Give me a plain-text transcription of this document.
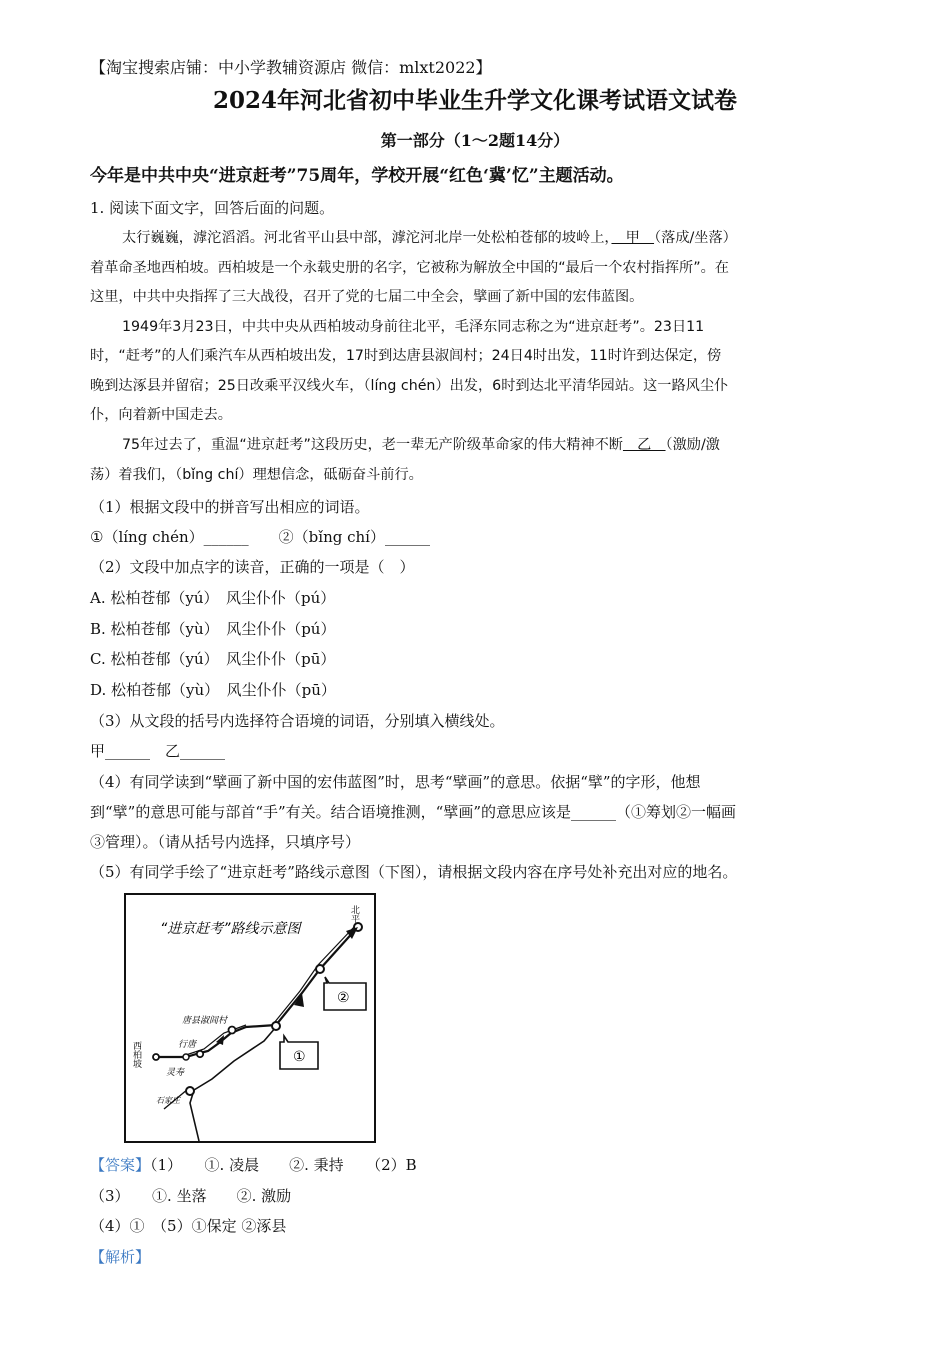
【淘宝搜索店铺：中小学教辅资源店 微信：mlxt2022】
2024年河北省初中毕业生升学文化课考试语文试卷
第一部分（1～2题14分）
今年是中共中央“进京赶考”75周年，学校开展“红色‘冀’忆”主题活动。
1. 阅读下面文字，回答后面的问题。
太行巍巍，滹沱滔滔。河北省平山县中部，滹沱河北岸一处松柏苍郁的坡岭上，　甲　（落成/坐落）
着革命圣地西柏坡。西柏坡是一个永载史册的名字，它被称为解放全中国的“最后一个农村指挥所”。在
这里，中共中央指挥了三大战役，召开了党的七届二中全会，擘画了新中国的宏伟蓝图。
1949年3月23日，中共中央从西柏坡动身前往北平，毛泽东同志称之为“进京赶考”。23日11
时，“赶考”的人们乘汽车从西柏坡出发，17时到达唐县淑闾村；24日4时出发，11时许到达保定，傍
晚到达涿县并留宿；25日改乘平汉线火车，（líng chén）出发，6时到达北平清华园站。这一路风尘仆
仆，向着新中国走去。
75年过去了，重温“进京赶考”这段历史，老一辈无产阶级革命家的伟大精神不断　乙　（激励/激
荡）着我们，（bǐng chí）理想信念，砥砺奋斗前行。
（1）根据文段中的拼音写出相应的词语。
①（líng chén）______　　②（bǐng chí）______
（2）文段中加点字的读音，正确的一项是（　）
A. 松柏苍郁（yú）　风尘仆仆（pú）
B. 松柏苍郁（yù）　风尘仆仆（pú）
C. 松柏苍郁（yú）　风尘仆仆（pū）
D. 松柏苍郁（yù）　风尘仆仆（pū）
（3）从文段的括号内选择符合语境的词语，分别填入横线处。
甲______　乙______
（4）有同学读到“擘画了新中国的宏伟蓝图”时，思考“擘画”的意思。依据“擘”的字形，他想
到“擘”的意思可能与部首“手”有关。结合语境推测，“擘画”的意思应该是______（①筹划②一幅画
③管理）。（请从括号内选择，只填序号）
（5）有同学手绘了“进京赶考”路线示意图（下图），请根据文段内容在序号处补充出对应的地名。
“进京赶考”路线示意图
北平
西柏坡
唐县淑闾村
行唐
灵寿
石家庄
①
②
【答案】（1）　　①. 凌晨　　②. 秉持　　（2）B
（3）　　①. 坐落　　②. 激励
（4）①　（5）①保定 ②涿县
【解析】
